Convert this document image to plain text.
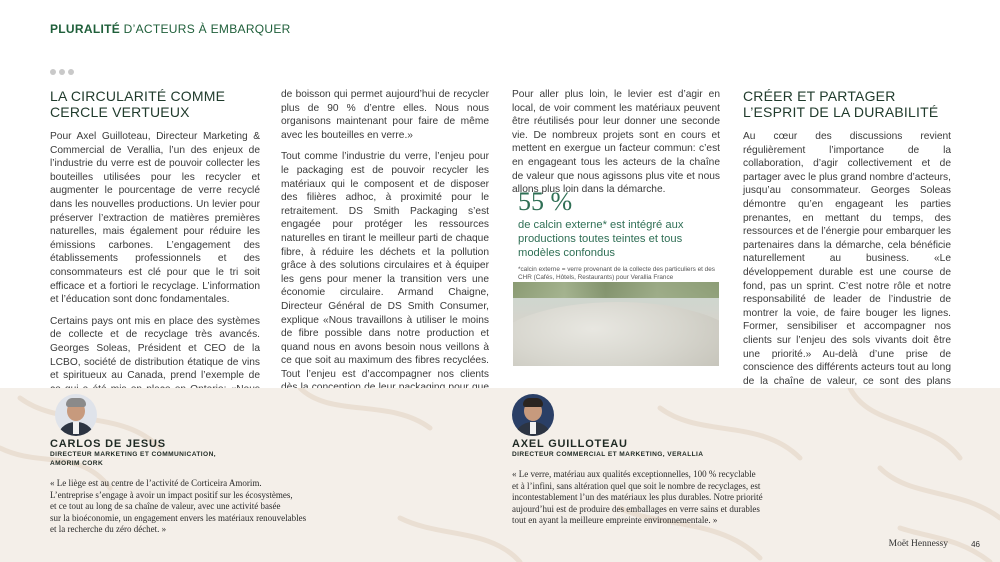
PLURALITÉ D’ACTEURS À EMBARQUER
LA CIRCULARITÉ COMME
CERCLE VERTUEUX

Pour Axel Guilloteau, Directeur Marketing & Commercial de Verallia, l’un des enjeux de l’industrie du verre est de pouvoir collecter les bouteilles utilisées pour les recycler et augmenter le pourcentage de verre recyclé dans les nouvelles productions. Un levier pour préserver l’extraction de matières premières naturelles, mais également pour réduire les émissions carbones. L’engagement des établissements professionnels et des consommateurs est clé pour que le tri soit efficace et a fortiori le recyclage. L’information et l’éducation sont donc fondamentales.

Certains pays ont mis en place des systèmes de collecte et de recyclage très avancés. Georges Soleas, Président et CEO de la LCBO, société de distribution étatique de vins et spiritueux au Canada, prend l’exemple de

de boisson qui permet aujourd’hui de recycler plus de 90 % d’entre elles. Nous nous organisons maintenant pour faire de même avec les bouteilles en verre.»

Tout comme l’industrie du verre, l’enjeu pour le packaging est de pouvoir recycler les matériaux qui le composent et de disposer des filières adhoc, à proximité pour le retraitement. DS Smith Packaging s’est engagée pour protéger les ressources naturelles en tirant le meilleur parti de chaque fibre, à réduire les déchets et la pollution grâce à des solutions circulaires et à équiper les gens pour mener la transition vers une économie circulaire. Armand Chaigne, Directeur Général de DS Smith Consumer, explique «Nous travaillons à utiliser le moins de fibre possible dans notre production et quand nous en avons besoin nous veillons à ce que soit au maximum des fibres recyclées. Tout l’enjeu est d’accompagner nos clients

Pour aller plus loin, le levier est d’agir en local, de voir comment les matériaux peuvent être réutilisés pour leur donner une seconde vie. De nombreux projets sont en cours et mettent en exergue un facteur commun: c’est en engageant tous les acteurs de la chaîne de valeur que nous agissons plus vite et nous allons plus loin dans la démarche.

55 %
de calcin externe* est intégré aux productions toutes teintes et tous modèles confondus
*calcin externe = verre provenant de la collecte des particuliers et des CHR (Cafés, Hôtels, Restaurants) pour Verallia France
CRÉER ET PARTAGER
L’ESPRIT DE LA DURABILITÉ

Au cœur des discussions revient régulièrement l’importance de la collaboration, d’agir collectivement et de partager avec le plus grand nombre d’acteurs, jusqu’au consommateur. Georges Soleas démontre qu’en engageant les parties prenantes, en mettant du temps, des ressources et de l’énergie pour embarquer les partenaires dans la démarche, cela bénéficie naturellement au business. «Le développement durable est une course de fond, pas un sprint. C’est notre rôle et notre responsabilité de leader de l’industrie de montrer la voie, de faire bouger les lignes. Former, sensibiliser et accompagner nos clients sur l’enjeu des sols vivants doit être une priorité.» Au-delà d’une prise de conscience des différents acteurs tout au long de la chaîne de valeur, ce sont des plans

CARLOS DE JESUS
DIRECTEUR MARKETING ET COMMUNICATION,
AMORIM CORK
« Le liège est au centre de l’activité de Corticeira Amorim.
L’entreprise s’engage à avoir un impact positif sur les écosystèmes,
et ce tout au long de sa chaîne de valeur, avec une activité basée
sur la bioéconomie, un engagement envers les matériaux renouvelables
et la recherche du zéro déchet. »
AXEL GUILLOTEAU
DIRECTEUR COMMERCIAL ET MARKETING, VERALLIA
« Le verre, matériau aux qualités exceptionnelles, 100 % recyclable
et à l’infini, sans altération quel que soit le nombre de recyclages, est
incontestablement l’un des matériaux les plus durables. Notre priorité
aujourd’hui est de produire des emballages en verre sains et durables
tout en ayant la meilleure empreinte environnementale. »
Moët Hennessy	46
